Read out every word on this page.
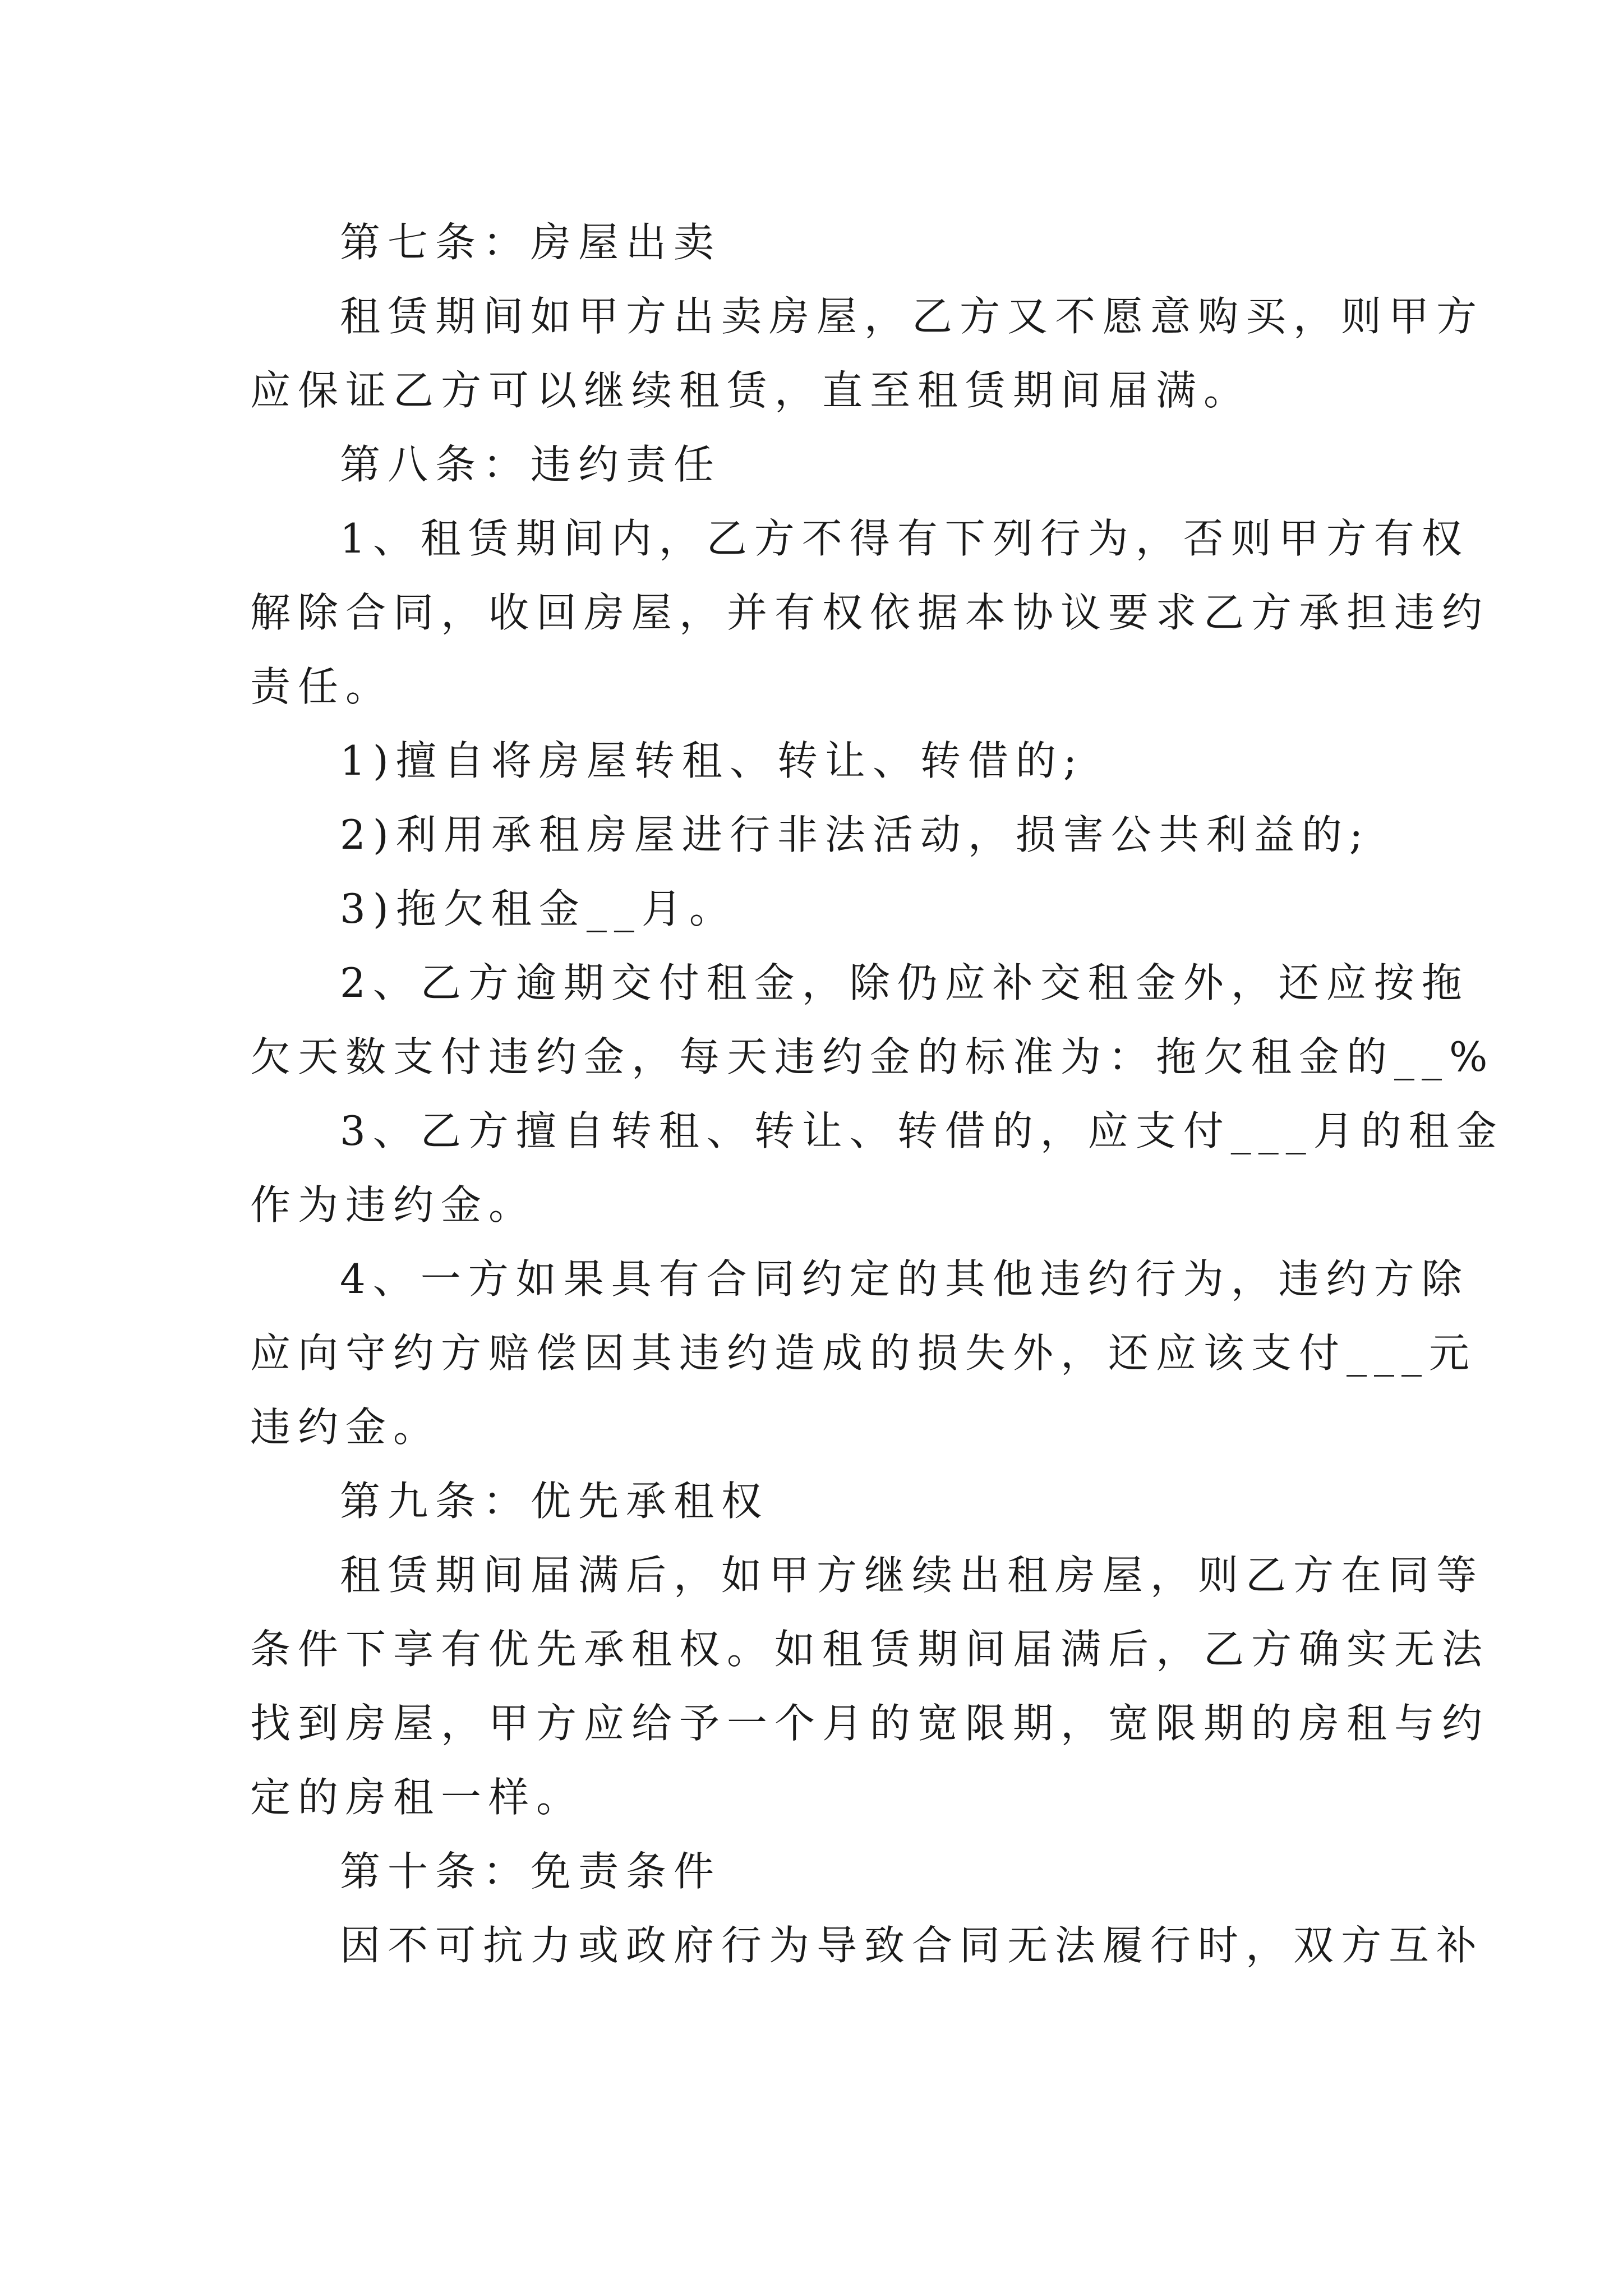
第七条：房屋出卖
租赁期间如甲方出卖房屋，乙方又不愿意购买，则甲方
应保证乙方可以继续租赁，直至租赁期间届满。
第八条：违约责任
1、租赁期间内，乙方不得有下列行为，否则甲方有权
解除合同，收回房屋，并有权依据本协议要求乙方承担违约
责任。
1)擅自将房屋转租、转让、转借的;
2)利用承租房屋进行非法活动，损害公共利益的;
3)拖欠租金__月。
2、乙方逾期交付租金，除仍应补交租金外，还应按拖
欠天数支付违约金，每天违约金的标准为：拖欠租金的__%
3、乙方擅自转租、转让、转借的，应支付___月的租金
作为违约金。
4、一方如果具有合同约定的其他违约行为，违约方除
应向守约方赔偿因其违约造成的损失外，还应该支付___元
违约金。
第九条：优先承租权
租赁期间届满后，如甲方继续出租房屋，则乙方在同等
条件下享有优先承租权。如租赁期间届满后，乙方确实无法
找到房屋，甲方应给予一个月的宽限期，宽限期的房租与约
定的房租一样。
第十条：免责条件
因不可抗力或政府行为导致合同无法履行时，双方互补
